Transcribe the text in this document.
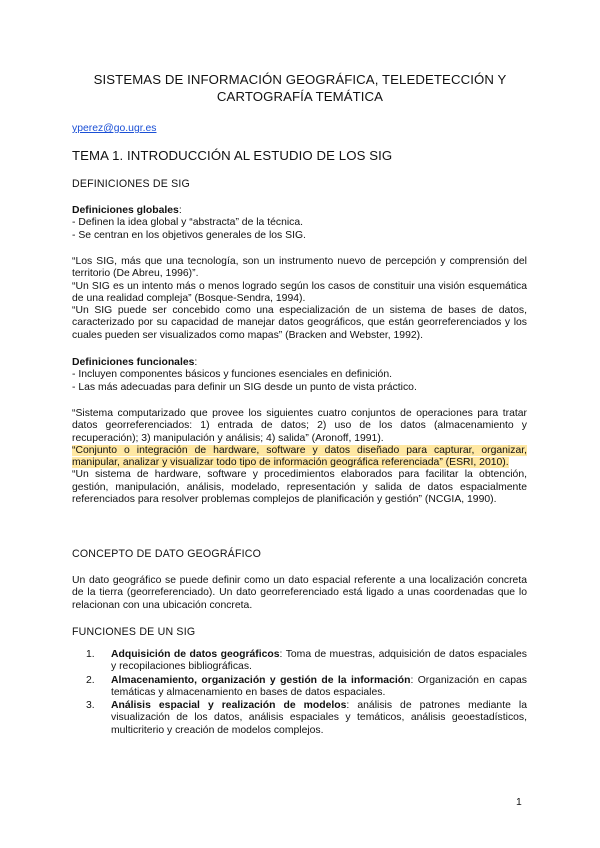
SISTEMAS DE INFORMACIÓN GEOGRÁFICA, TELEDETECCIÓN Y CARTOGRAFÍA TEMÁTICA
yperez@go.ugr.es
TEMA 1. INTRODUCCIÓN AL ESTUDIO DE LOS SIG
DEFINICIONES DE SIG
Definiciones globales:
- Definen la idea global y “abstracta” de la técnica.
- Se centran en los objetivos generales de los SIG.
“Los SIG, más que una tecnología, son un instrumento nuevo de percepción y comprensión del territorio (De Abreu, 1996)”.
“Un SIG es un intento más o menos logrado según los casos de constituir una visión esquemática de una realidad compleja” (Bosque-Sendra, 1994).
“Un SIG puede ser concebido como una especialización de un sistema de bases de datos, caracterizado por su capacidad de manejar datos geográficos, que están georreferenciados y los cuales pueden ser visualizados como mapas” (Bracken and Webster, 1992).
Definiciones funcionales:
- Incluyen componentes básicos y funciones esenciales en definición.
- Las más adecuadas para definir un SIG desde un punto de vista práctico.
“Sistema computarizado que provee los siguientes cuatro conjuntos de operaciones para tratar datos georreferenciados: 1) entrada de datos; 2) uso de los datos (almacenamiento y recuperación); 3) manipulación y análisis; 4) salida” (Aronoff, 1991).
“Conjunto o integración de hardware, software y datos diseñado para capturar, organizar, manipular, analizar y visualizar todo tipo de información geográfica referenciada” (ESRI, 2010).
“Un sistema de hardware, software y procedimientos elaborados para facilitar la obtención, gestión, manipulación, análisis, modelado, representación y salida de datos espacialmente referenciados para resolver problemas complejos de planificación y gestión” (NCGIA, 1990).
CONCEPTO DE DATO GEOGRÁFICO
Un dato geográfico se puede definir como un dato espacial referente a una localización concreta de la tierra (georreferenciado). Un dato georreferenciado está ligado a unas coordenadas que lo relacionan con una ubicación concreta.
FUNCIONES DE UN SIG
1. Adquisición de datos geográficos: Toma de muestras, adquisición de datos espaciales y recopilaciones bibliográficas.
2. Almacenamiento, organización y gestión de la información: Organización en capas temáticas y almacenamiento en bases de datos espaciales.
3. Análisis espacial y realización de modelos: análisis de patrones mediante la visualización de los datos, análisis espaciales y temáticos, análisis geoestadísticos, multicriterio y creación de modelos complejos.
1
